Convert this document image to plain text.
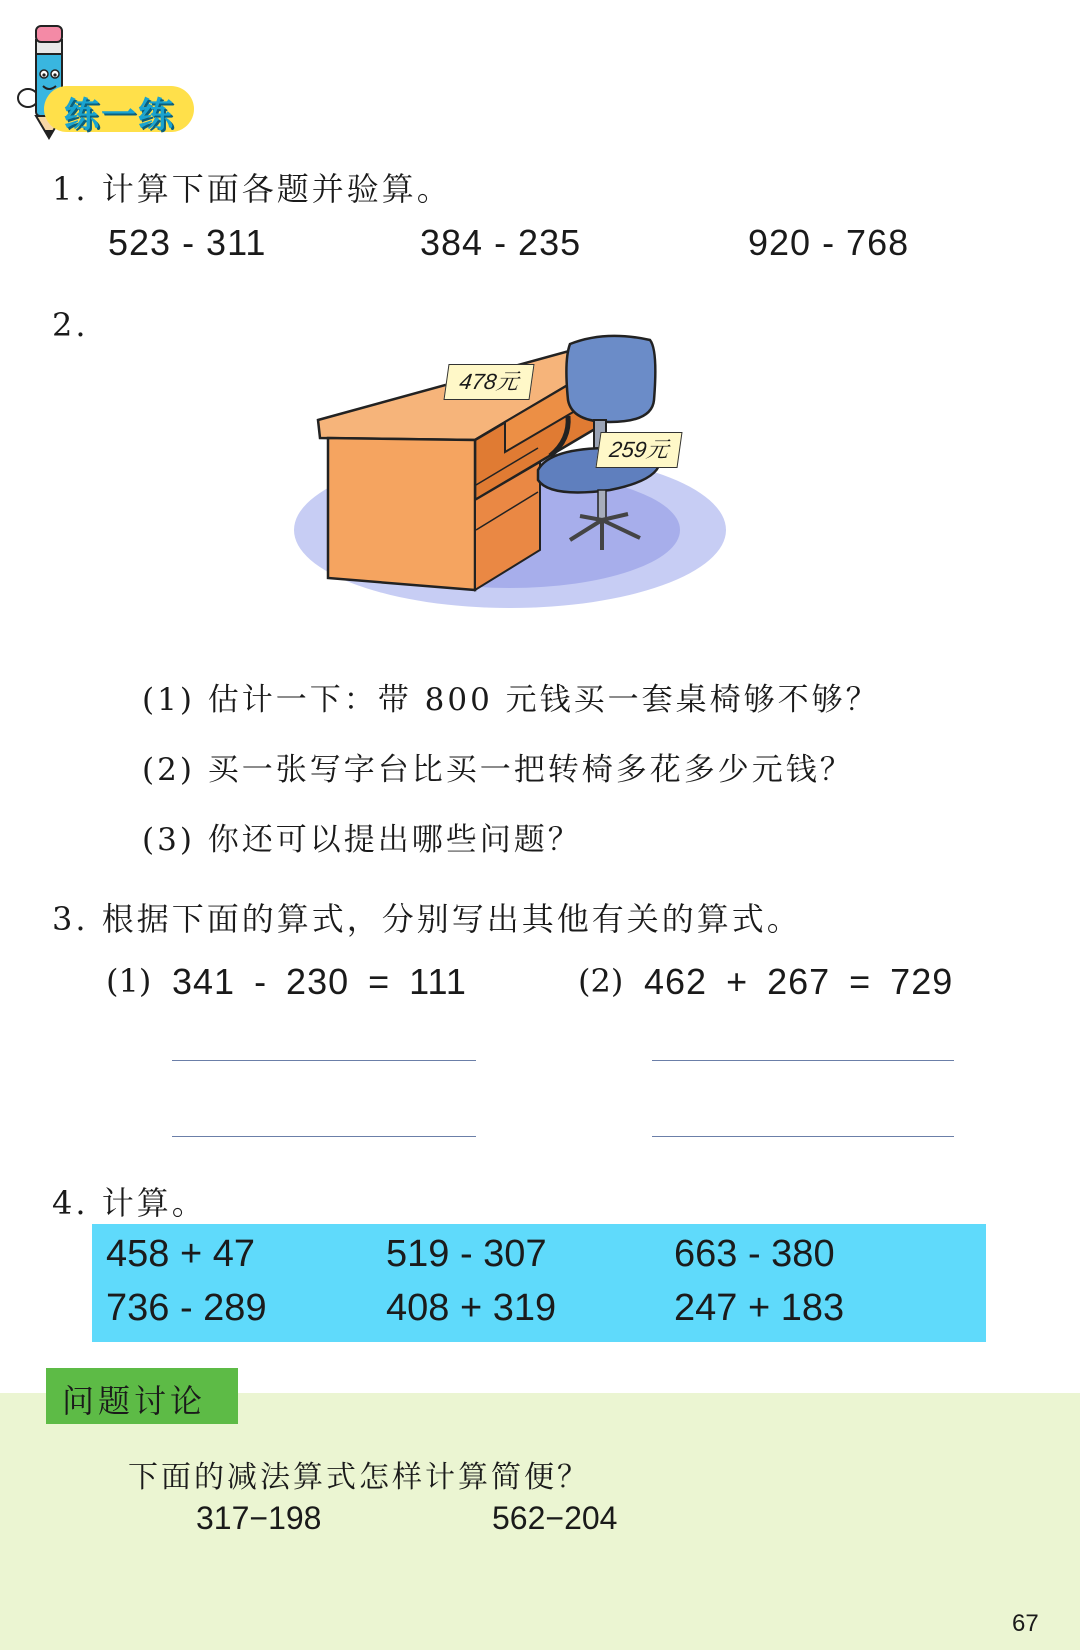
练一练
1. 计算下面各题并验算。
523 - 311	384 - 235	920 - 768
2.
478元
259元
(1) 估计一下：带 800 元钱买一套桌椅够不够？
(2) 买一张写字台比买一把转椅多花多少元钱？
(3) 你还可以提出哪些问题？
3. 根据下面的算式，分别写出其他有关的算式。
(1) 341 - 230 = 111	(2) 462 + 267 = 729
4. 计算。
458 + 47	519 - 307	663 - 380
736 - 289	408 + 319	247 + 183
问题讨论
下面的减法算式怎样计算简便？
317−198	562−204
67
